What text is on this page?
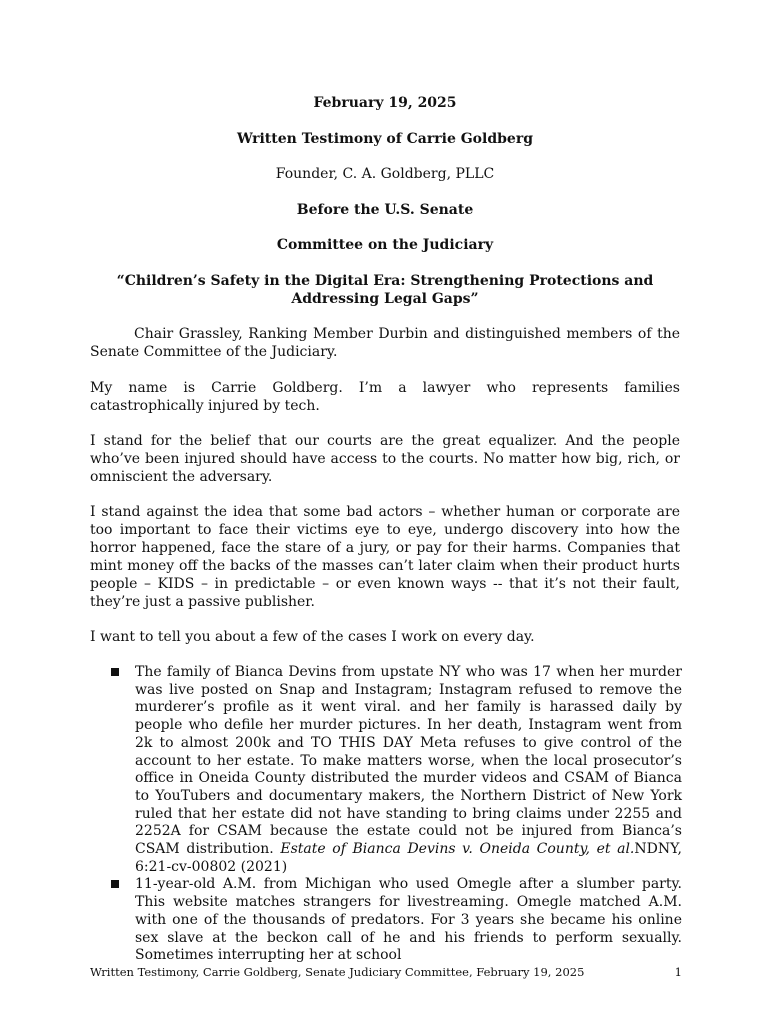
February 19, 2025
Written Testimony of Carrie Goldberg
Founder, C. A. Goldberg, PLLC
Before the U.S. Senate
Committee on the Judiciary
“Children’s Safety in the Digital Era: Strengthening Protections and
Addressing Legal Gaps”

Chair Grassley, Ranking Member Durbin and distinguished members of the Senate Committee of the Judiciary.

My name is Carrie Goldberg. I’m a lawyer who represents families catastrophically injured by tech.

I stand for the belief that our courts are the great equalizer. And the people who’ve been injured should have access to the courts. No matter how big, rich, or omniscient the adversary.

I stand against the idea that some bad actors – whether human or corporate are too important to face their victims eye to eye, undergo discovery into how the horror happened, face the stare of a jury, or pay for their harms. Companies that mint money off the backs of the masses can’t later claim when their product hurts people – KIDS – in predictable – or even known ways -- that it’s not their fault, they’re just a passive publisher.

I want to tell you about a few of the cases I work on every day.

The family of Bianca Devins from upstate NY who was 17 when her murder was live posted on Snap and Instagram; Instagram refused to remove the murderer’s profile as it went viral. and her family is harassed daily by people who defile her murder pictures. In her death, Instagram went from 2k to almost 200k and TO THIS DAY Meta refuses to give control of the account to her estate. To make matters worse, when the local prosecutor’s office in Oneida County distributed the murder videos and CSAM of Bianca to YouTubers and documentary makers, the Northern District of New York ruled that her estate did not have standing to bring claims under 2255 and 2252A for CSAM because the estate could not be injured from Bianca’s CSAM distribution. Estate of Bianca Devins v. Oneida County, et al.NDNY, 6:21-cv-00802 (2021)
11-year-old A.M. from Michigan who used Omegle after a slumber party. This website matches strangers for livestreaming. Omegle matched A.M. with one of the thousands of predators. For 3 years she became his online sex slave at the beckon call of he and his friends to perform sexually. Sometimes interrupting her at school
Written Testimony, Carrie Goldberg, Senate Judiciary Committee, February 19, 2025	1
